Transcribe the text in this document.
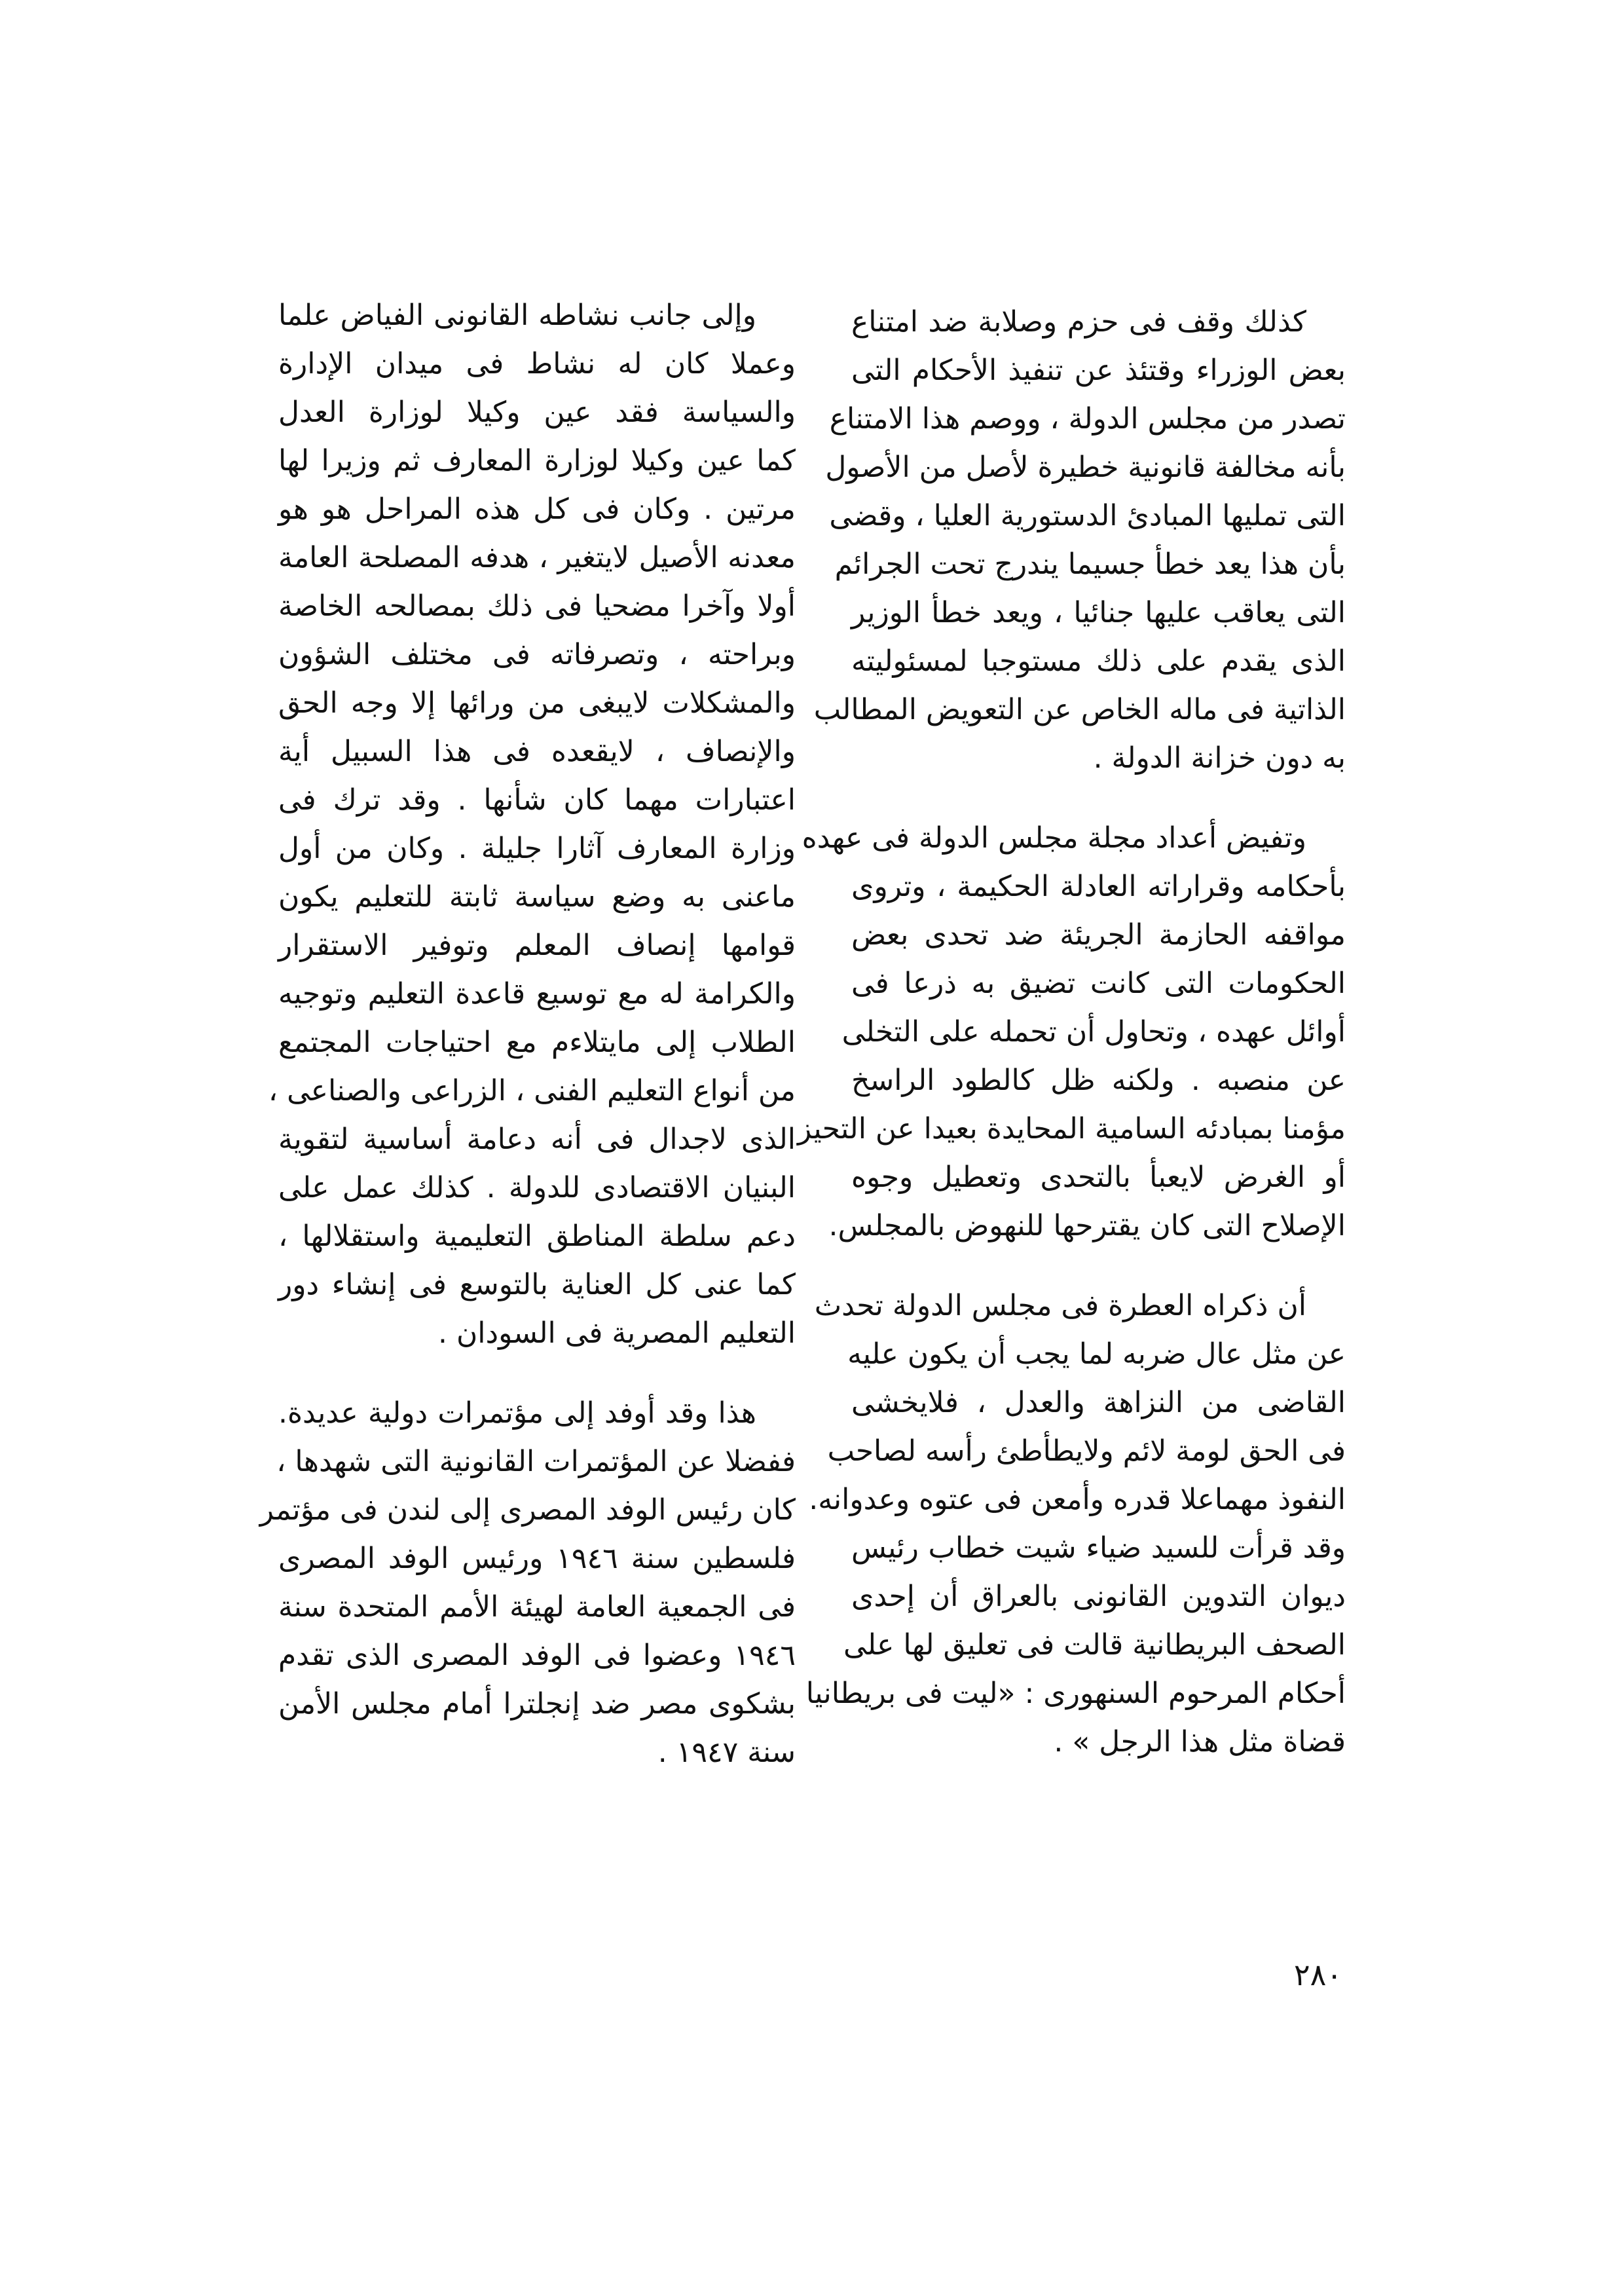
كذلك وقف فى حزم وصلابة ضد امتناع
بعض الوزراء وقتئذ عن تنفيذ الأحكام التى
تصدر من مجلس الدولة ، ووصم هذا الامتناع
بأنه مخالفة قانونية خطيرة لأصل من الأصول
التى تمليها المبادئ الدستورية العليا ، وقضى
بأن هذا يعد خطأ جسيما يندرج تحت الجرائم
التى يعاقب عليها جنائيا ، ويعد خطأ الوزير
الذى يقدم على ذلك مستوجبا لمسئوليته
الذاتية فى ماله الخاص عن التعويض المطالب
به دون خزانة الدولة .
وتفيض أعداد مجلة مجلس الدولة فى عهده
بأحكامه وقراراته العادلة الحكيمة ، وتروى
مواقفه الحازمة الجريئة ضد تحدى بعض
الحكومات التى كانت تضيق به ذرعا فى
أوائل عهده ، وتحاول أن تحمله على التخلى
عن منصبه . ولكنه ظل كالطود الراسخ
مؤمنا بمبادئه السامية المحايدة بعيدا عن التحيز
أو الغرض لايعبأ بالتحدى وتعطيل وجوه
الإصلاح التى كان يقترحها للنهوض بالمجلس.
أن ذكراه العطرة فى مجلس الدولة تحدث
عن مثل عال ضربه لما يجب أن يكون عليه
القاضى من النزاهة والعدل ، فلايخشى
فى الحق لومة لائم ولايطأطئ رأسه لصاحب
النفوذ مهماعلا قدره وأمعن فى عتوه وعدوانه.
وقد قرأت للسيد ضياء شيت خطاب رئيس
ديوان التدوين القانونى بالعراق أن إحدى
الصحف البريطانية قالت فى تعليق لها على
أحكام المرحوم السنهورى : «ليت فى بريطانيا
قضاة مثل هذا الرجل » .
وإلى جانب نشاطه القانونى الفياض علما
وعملا كان له نشاط فى ميدان الإدارة
والسياسة فقد عين وكيلا لوزارة العدل
كما عين وكيلا لوزارة المعارف ثم وزيرا لها
مرتين . وكان فى كل هذه المراحل هو هو
معدنه الأصيل لايتغير ، هدفه المصلحة العامة
أولا وآخرا مضحيا فى ذلك بمصالحه الخاصة
وبراحته ، وتصرفاته فى مختلف الشؤون
والمشكلات لايبغى من ورائها إلا وجه الحق
والإنصاف ، لايقعده فى هذا السبيل أية
اعتبارات مهما كان شأنها . وقد ترك فى
وزارة المعارف آثارا جليلة . وكان من أول
ماعنى به وضع سياسة ثابتة للتعليم يكون
قوامها إنصاف المعلم وتوفير الاستقرار
والكرامة له مع توسيع قاعدة التعليم وتوجيه
الطلاب إلى مايتلاءم مع احتياجات المجتمع
من أنواع التعليم الفنى ، الزراعى والصناعى ،
الذى لاجدال فى أنه دعامة أساسية لتقوية
البنيان الاقتصادى للدولة . كذلك عمل على
دعم سلطة المناطق التعليمية واستقلالها ،
كما عنى كل العناية بالتوسع فى إنشاء دور
التعليم المصرية فى السودان .
هذا وقد أوفد إلى مؤتمرات دولية عديدة.
ففضلا عن المؤتمرات القانونية التى شهدها ،
كان رئيس الوفد المصرى إلى لندن فى مؤتمر
فلسطين سنة ١٩٤٦ ورئيس الوفد المصرى
فى الجمعية العامة لهيئة الأمم المتحدة سنة
١٩٤٦ وعضوا فى الوفد المصرى الذى تقدم
بشكوى مصر ضد إنجلترا أمام مجلس الأمن
سنة ١٩٤٧ .
٢٨٠
